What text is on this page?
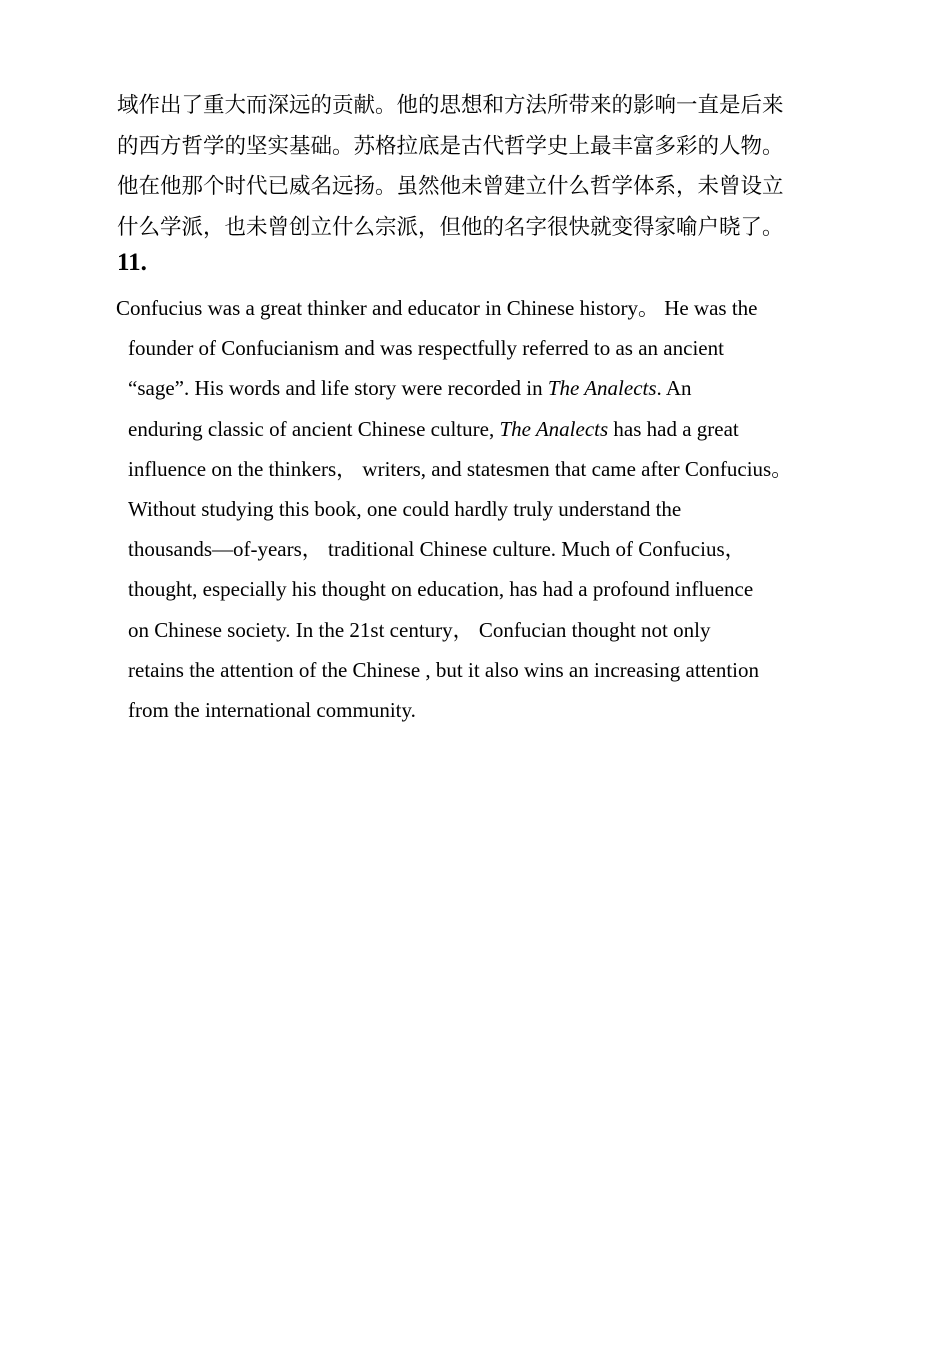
域作出了重大而深远的贡献。他的思想和方法所带来的影响一直是后来
的西方哲学的坚实基础。苏格拉底是古代哲学史上最丰富多彩的人物。
他在他那个时代已威名远扬。虽然他未曾建立什么哲学体系，未曾设立
什么学派，也未曾创立什么宗派，但他的名字很快就变得家喻户晓了。
11.
Confucius was a great thinker and educator in Chinese history。 He was the
founder of Confucianism and was respectfully referred to as an ancient
“sage”. His words and life story were recorded in The Analects. An
enduring classic of ancient Chinese culture, The Analects has had a great
influence on the thinkers， writers, and statesmen that came after Confucius。
Without studying this book, one could hardly truly understand the
thousands—of-years， traditional Chinese culture. Much of Confucius，
thought, especially his thought on education, has had a profound influence
on Chinese society. In the 21st century， Confucian thought not only
retains the attention of the Chinese , but it also wins an increasing attention
from the international community.
